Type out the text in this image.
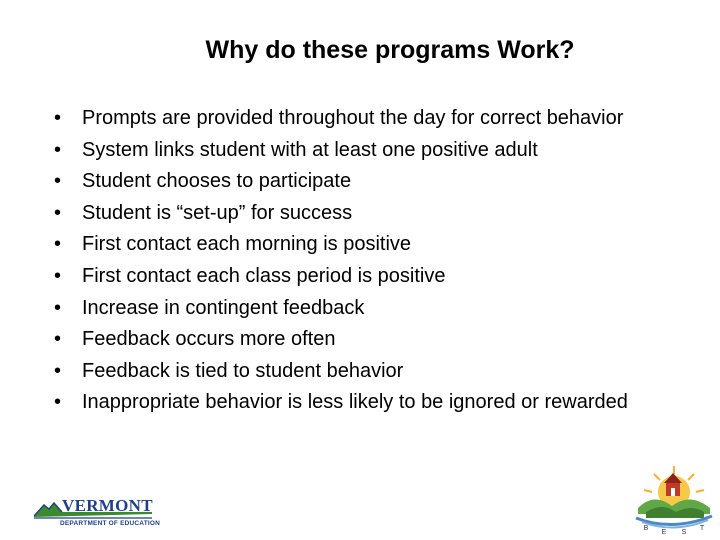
Why do these programs Work?
•	Prompts are provided throughout the day for correct behavior
•	System links student with at least one positive adult
•	Student chooses to participate
•	Student is “set-up” for success
•	First contact each morning is positive
•	First contact each class period is positive
•	Increase in contingent feedback
•	Feedback occurs more often
•	Feedback is tied to student behavior
•	Inappropriate behavior is less likely to be ignored or rewarded
VERMONT
DEPARTMENT OF EDUCATION
B
E S
T
